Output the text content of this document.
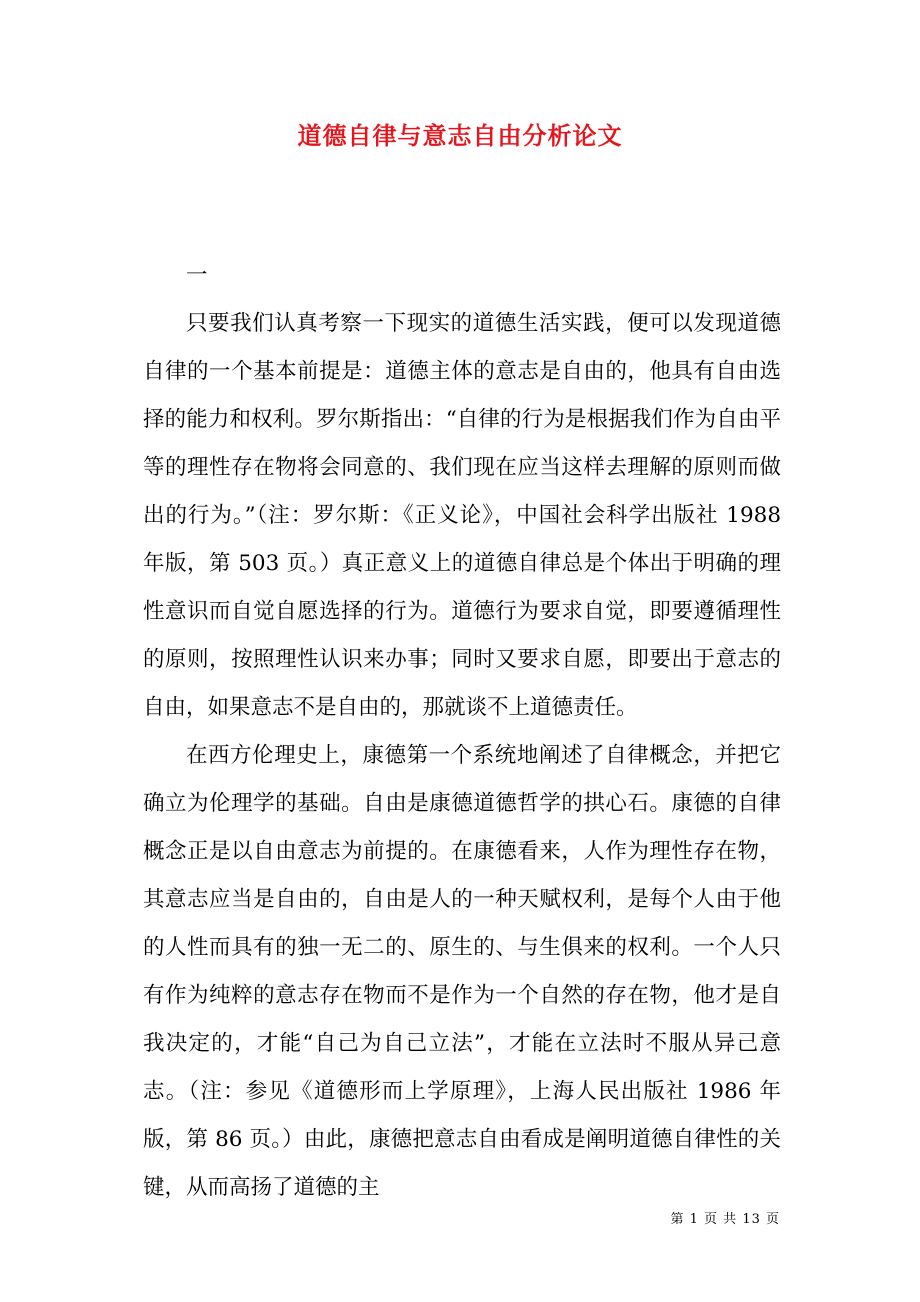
道德自律与意志自由分析论文

一

只要我们认真考察一下现实的道德生活实践，便可以发现道德自律的一个基本前提是：道德主体的意志是自由的，他具有自由选择的能力和权利。罗尔斯指出：“自律的行为是根据我们作为自由平等的理性存在物将会同意的、我们现在应当这样去理解的原则而做出的行为。”（注：罗尔斯：《正义论》，中国社会科学出版社 1988 年版，第 503 页。）真正意义上的道德自律总是个体出于明确的理性意识而自觉自愿选择的行为。道德行为要求自觉，即要遵循理性的原则，按照理性认识来办事；同时又要求自愿，即要出于意志的自由，如果意志不是自由的，那就谈不上道德责任。

在西方伦理史上，康德第一个系统地阐述了自律概念，并把它确立为伦理学的基础。自由是康德道德哲学的拱心石。康德的自律概念正是以自由意志为前提的。在康德看来，人作为理性存在物，其意志应当是自由的，自由是人的一种天赋权利，是每个人由于他的人性而具有的独一无二的、原生的、与生俱来的权利。一个人只有作为纯粹的意志存在物而不是作为一个自然的存在物，他才是自我决定的，才能“自己为自己立法”，才能在立法时不服从异己意志。（注：参见《道德形而上学原理》，上海人民出版社 1986 年版，第 86 页。）由此，康德把意志自由看成是阐明道德自律性的关键，从而高扬了道德的主

第 1 页 共 13 页
